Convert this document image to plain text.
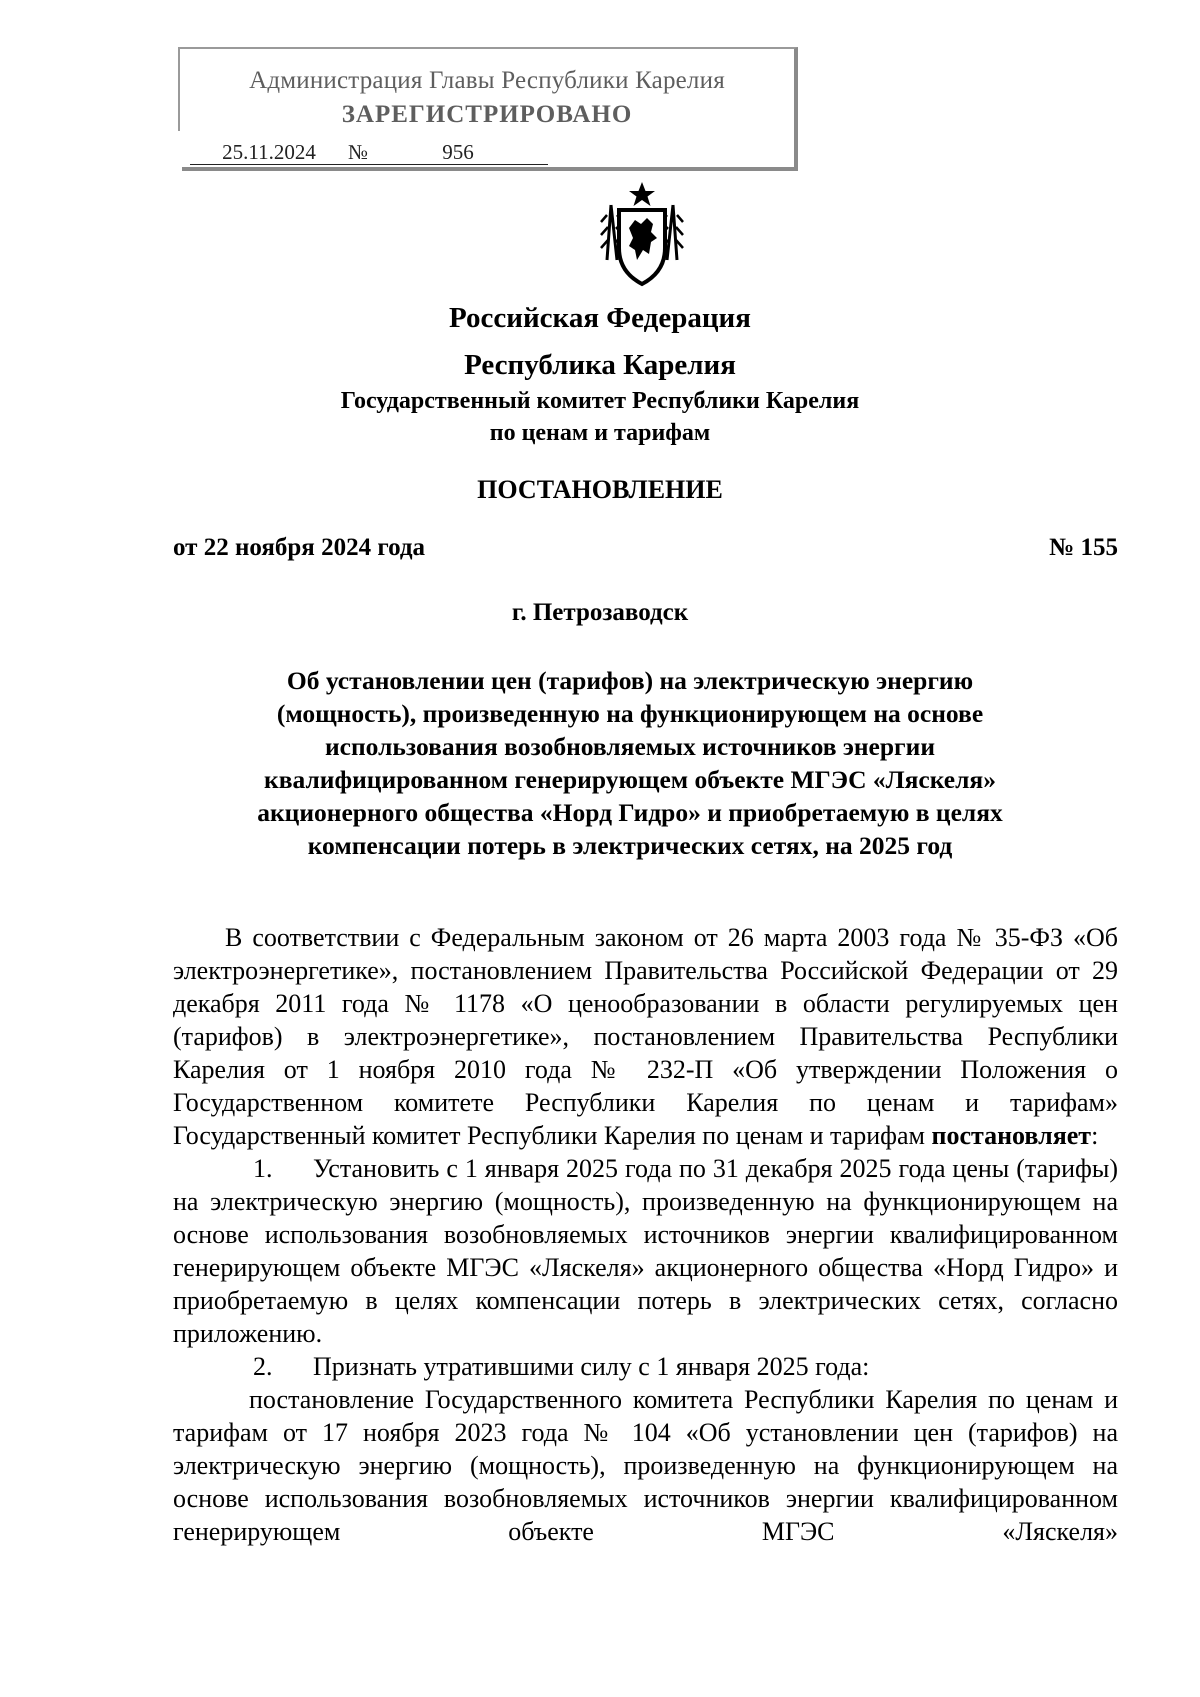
Администрация Главы Республики Карелия
ЗАРЕГИСТРИРОВАНО
25.11.2024 №	956
Российская Федерация
Республика Карелия
Государственный комитет Республики Карелия
по ценам и тарифам
ПОСТАНОВЛЕНИЕ
от 22 ноября 2024 года	№ 155
г. Петрозаводск
Об установлении цен (тарифов) на электрическую энергию
(мощность), произведенную на функционирующем на основе
использования возобновляемых источников энергии
квалифицированном генерирующем объекте МГЭС «Ляскеля»
акционерного общества «Норд Гидро» и приобретаемую в целях
компенсации потерь в электрических сетях, на 2025 год

В соответствии с Федеральным законом от 26 марта 2003 года № 35-ФЗ «Об электроэнергетике», постановлением Правительства Российской Федерации от 29 декабря 2011 года № 1178 «О ценообразовании в области регулируемых цен (тарифов) в электроэнергетике», постановлением Правительства Республики Карелия от 1 ноября 2010 года № 232-П «Об утверждении Положения о Государственном комитете Республики Карелия по ценам и тарифам» Государственный комитет Республики Карелия по ценам и тарифам постановляет:

1. Установить с 1 января 2025 года по 31 декабря 2025 года цены (тарифы) на электрическую энергию (мощность), произведенную на функционирующем на основе использования возобновляемых источников энергии квалифицированном генерирующем объекте МГЭС «Ляскеля» акционерного общества «Норд Гидро» и приобретаемую в целях компенсации потерь в электрических сетях, согласно приложению.

2. Признать утратившими силу с 1 января 2025 года:

постановление Государственного комитета Республики Карелия по ценам и тарифам от 17 ноября 2023 года № 104 «Об установлении цен (тарифов) на электрическую энергию (мощность), произведенную на функционирующем на основе использования возобновляемых источников энергии квалифицированном генерирующем объекте МГЭС «Ляскеля»
